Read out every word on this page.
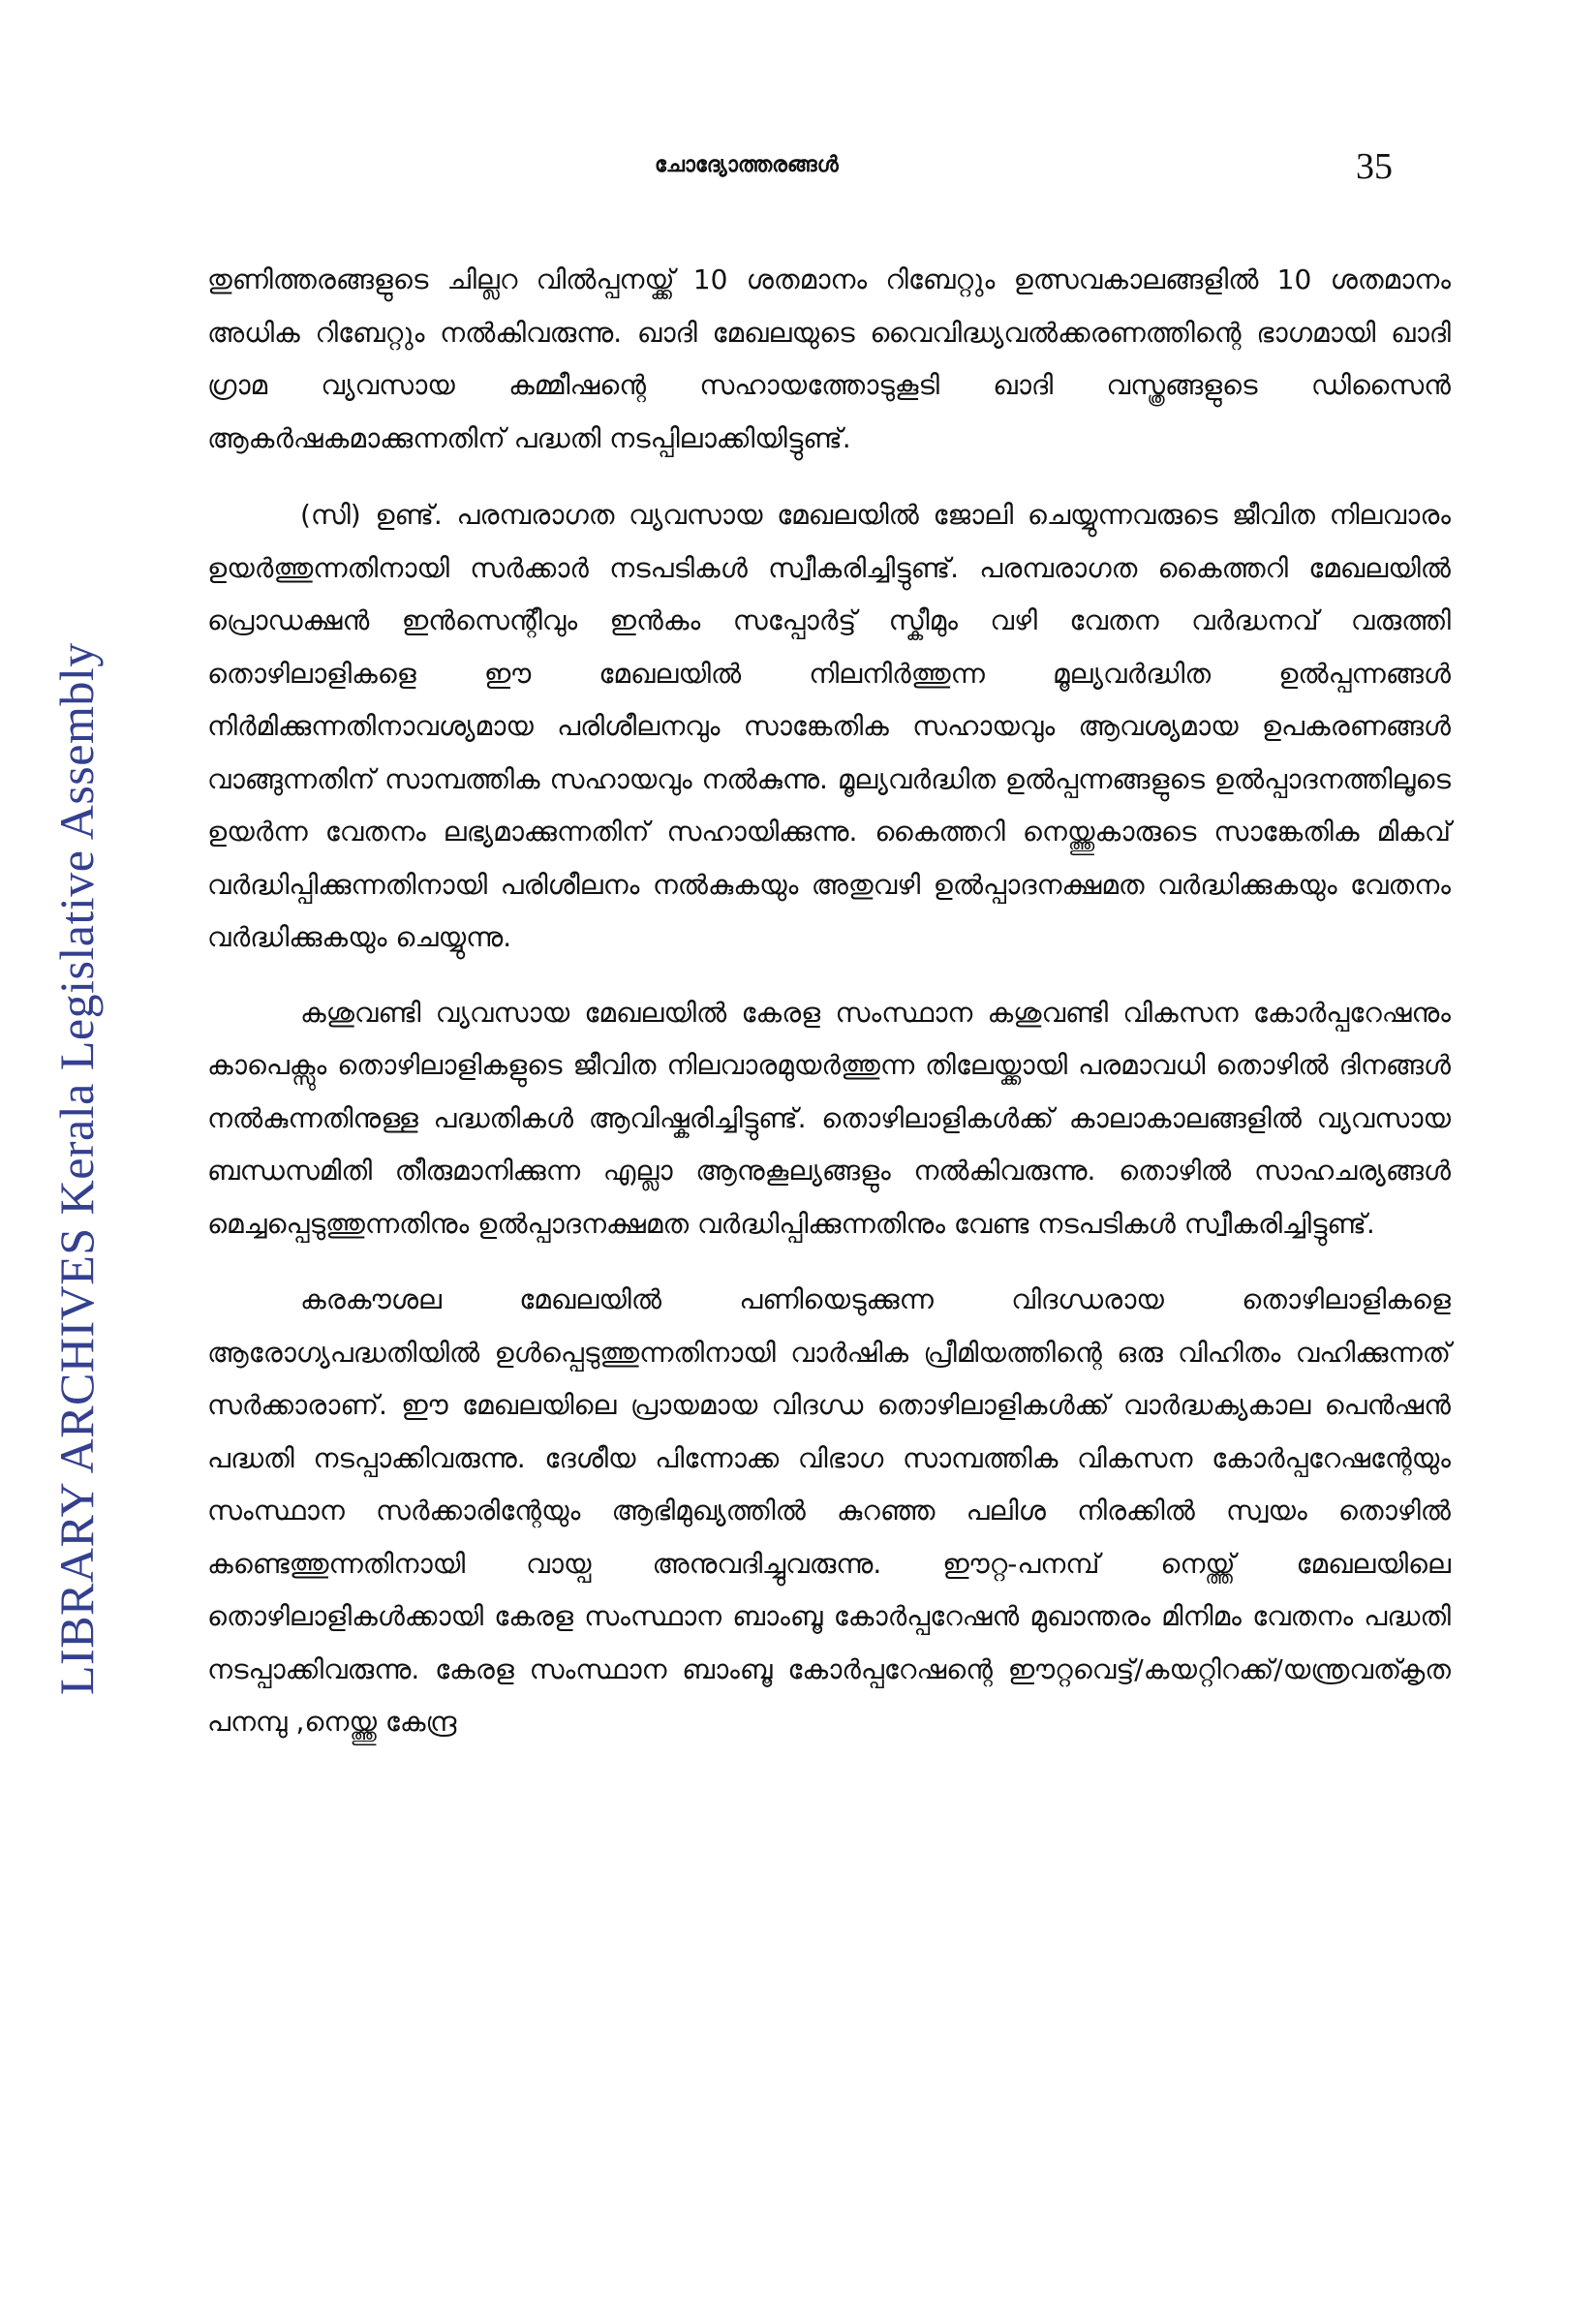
LIBRARY ARCHIVES Kerala Legislative Assembly
ചോദ്യോത്തരങ്ങൾ	35

തുണിത്തരങ്ങളുടെ ചില്ലറ വിൽപ്പനയ്ക്ക് 10 ശതമാനം റിബേറ്റും ഉത്സവകാലങ്ങളിൽ 10 ശതമാനം അധിക റിബേറ്റും നൽകിവരുന്നു. ഖാദി മേഖലയുടെ വൈവിദ്ധ്യവൽക്കരണത്തിന്റെ ഭാഗമായി ഖാദി ഗ്രാമ വ്യവസായ കമ്മീഷന്റെ സഹായത്തോടുകൂടി ഖാദി വസ്ത്രങ്ങളുടെ ഡിസൈൻ ആകർഷകമാക്കുന്നതിന് പദ്ധതി നടപ്പിലാക്കിയിട്ടുണ്ട്.

(സി) ഉണ്ട്. പരമ്പരാഗത വ്യവസായ മേഖലയിൽ ജോലി ചെയ്യുന്നവരുടെ ജീവിത നിലവാരം ഉയർത്തുന്നതിനായി സർക്കാർ നടപടികൾ സ്വീകരിച്ചിട്ടുണ്ട്. പരമ്പരാഗത കൈത്തറി മേഖലയിൽ പ്രൊഡക്ഷൻ ഇൻസെന്റീവും ഇൻകം സപ്പോർട്ട് സ്കീമും വഴി വേതന വർദ്ധനവ് വരുത്തി തൊഴിലാളികളെ ഈ മേഖലയിൽ നിലനിർത്തുന്ന മൂല്യവർദ്ധിത ഉൽപ്പന്നങ്ങൾ നിർമിക്കുന്നതിനാവശ്യമായ പരിശീലനവും സാങ്കേതിക സഹായവും ആവശ്യമായ ഉപകരണങ്ങൾ വാങ്ങുന്നതിന് സാമ്പത്തിക സഹായവും നൽകുന്നു. മൂല്യവർദ്ധിത ഉൽപ്പന്നങ്ങളുടെ ഉൽപ്പാദനത്തിലൂടെ ഉയർന്ന വേതനം ലഭ്യമാക്കുന്നതിന് സഹായിക്കുന്നു. കൈത്തറി നെയ്ത്തുകാരുടെ സാങ്കേതിക മികവ് വർദ്ധിപ്പിക്കുന്നതിനായി പരിശീലനം നൽകുകയും അതുവഴി ഉൽപ്പാദനക്ഷമത വർദ്ധിക്കുകയും വേതനം വർദ്ധിക്കുകയും ചെയ്യുന്നു.

കശുവണ്ടി വ്യവസായ മേഖലയിൽ കേരള സംസ്ഥാന കശുവണ്ടി വികസന കോർപ്പറേഷനും കാപെക്സും തൊഴിലാളികളുടെ ജീവിത നിലവാരമുയർത്തുന്ന തിലേയ്ക്കായി പരമാവധി തൊഴിൽ ദിനങ്ങൾ നൽകുന്നതിനുള്ള പദ്ധതികൾ ആവിഷ്കരിച്ചിട്ടുണ്ട്. തൊഴിലാളികൾക്ക് കാലാകാലങ്ങളിൽ വ്യവസായ ബന്ധസമിതി തീരുമാനിക്കുന്ന എല്ലാ ആനുകൂല്യങ്ങളും നൽകിവരുന്നു. തൊഴിൽ സാഹചര്യങ്ങൾ മെച്ചപ്പെടുത്തുന്നതിനും ഉൽപ്പാദനക്ഷമത വർദ്ധിപ്പിക്കുന്നതിനും വേണ്ട നടപടികൾ സ്വീകരിച്ചിട്ടുണ്ട്.

കരകൗശല മേഖലയിൽ പണിയെടുക്കുന്ന വിദഗ്ധരായ തൊഴിലാളികളെ ആരോഗ്യപദ്ധതിയിൽ ഉൾപ്പെടുത്തുന്നതിനായി വാർഷിക പ്രീമിയത്തിന്റെ ഒരു വിഹിതം വഹിക്കുന്നത് സർക്കാരാണ്. ഈ മേഖലയിലെ പ്രായമായ വിദഗ്ധ തൊഴിലാളികൾക്ക് വാർദ്ധക്യകാല പെൻഷൻ പദ്ധതി നടപ്പാക്കിവരുന്നു. ദേശീയ പിന്നോക്ക വിഭാഗ സാമ്പത്തിക വികസന കോർപ്പറേഷന്റേയും സംസ്ഥാന സർക്കാരിന്റേയും ആഭിമുഖ്യത്തിൽ കുറഞ്ഞ പലിശ നിരക്കിൽ സ്വയം തൊഴിൽ കണ്ടെത്തുന്നതിനായി വായ്പ അനുവദിച്ചുവരുന്നു. ഈറ്റ-പനമ്പ് നെയ്ത്ത് മേഖലയിലെ തൊഴിലാളികൾക്കായി കേരള സംസ്ഥാന ബാംബൂ കോർപ്പറേഷൻ മുഖാന്തരം മിനിമം വേതനം പദ്ധതി നടപ്പാക്കിവരുന്നു. കേരള സംസ്ഥാന ബാംബൂ കോർപ്പറേഷന്റെ ഈറ്റവെട്ട്/കയറ്റിറക്ക്/യന്ത്രവത്കൃത പനമ്പു ,നെയ്ത്തു കേന്ദ്ര
